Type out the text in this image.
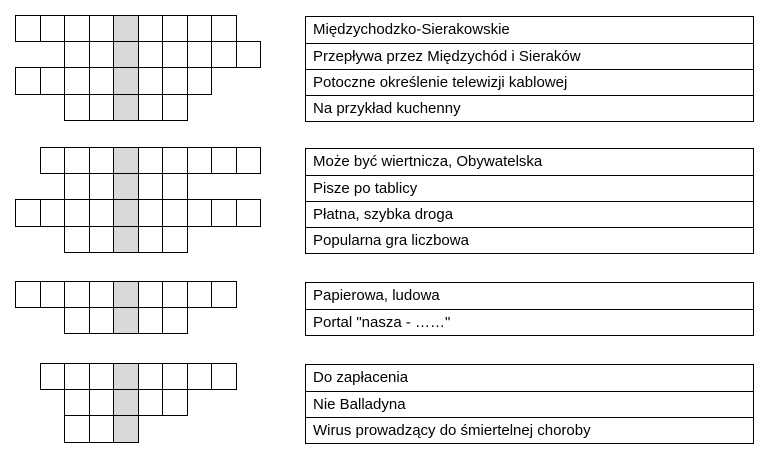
Międzychodzko-Sierakowskie
Przepływa przez Międzychód i Sieraków
Potoczne określenie telewizji kablowej
Na przykład kuchenny
Może być wiertnicza, Obywatelska
Pisze po tablicy
Płatna, szybka droga
Popularna gra liczbowa
Papierowa, ludowa
Portal "nasza - ……"
Do zapłacenia
Nie Balladyna
Wirus prowadzący do śmiertelnej choroby
